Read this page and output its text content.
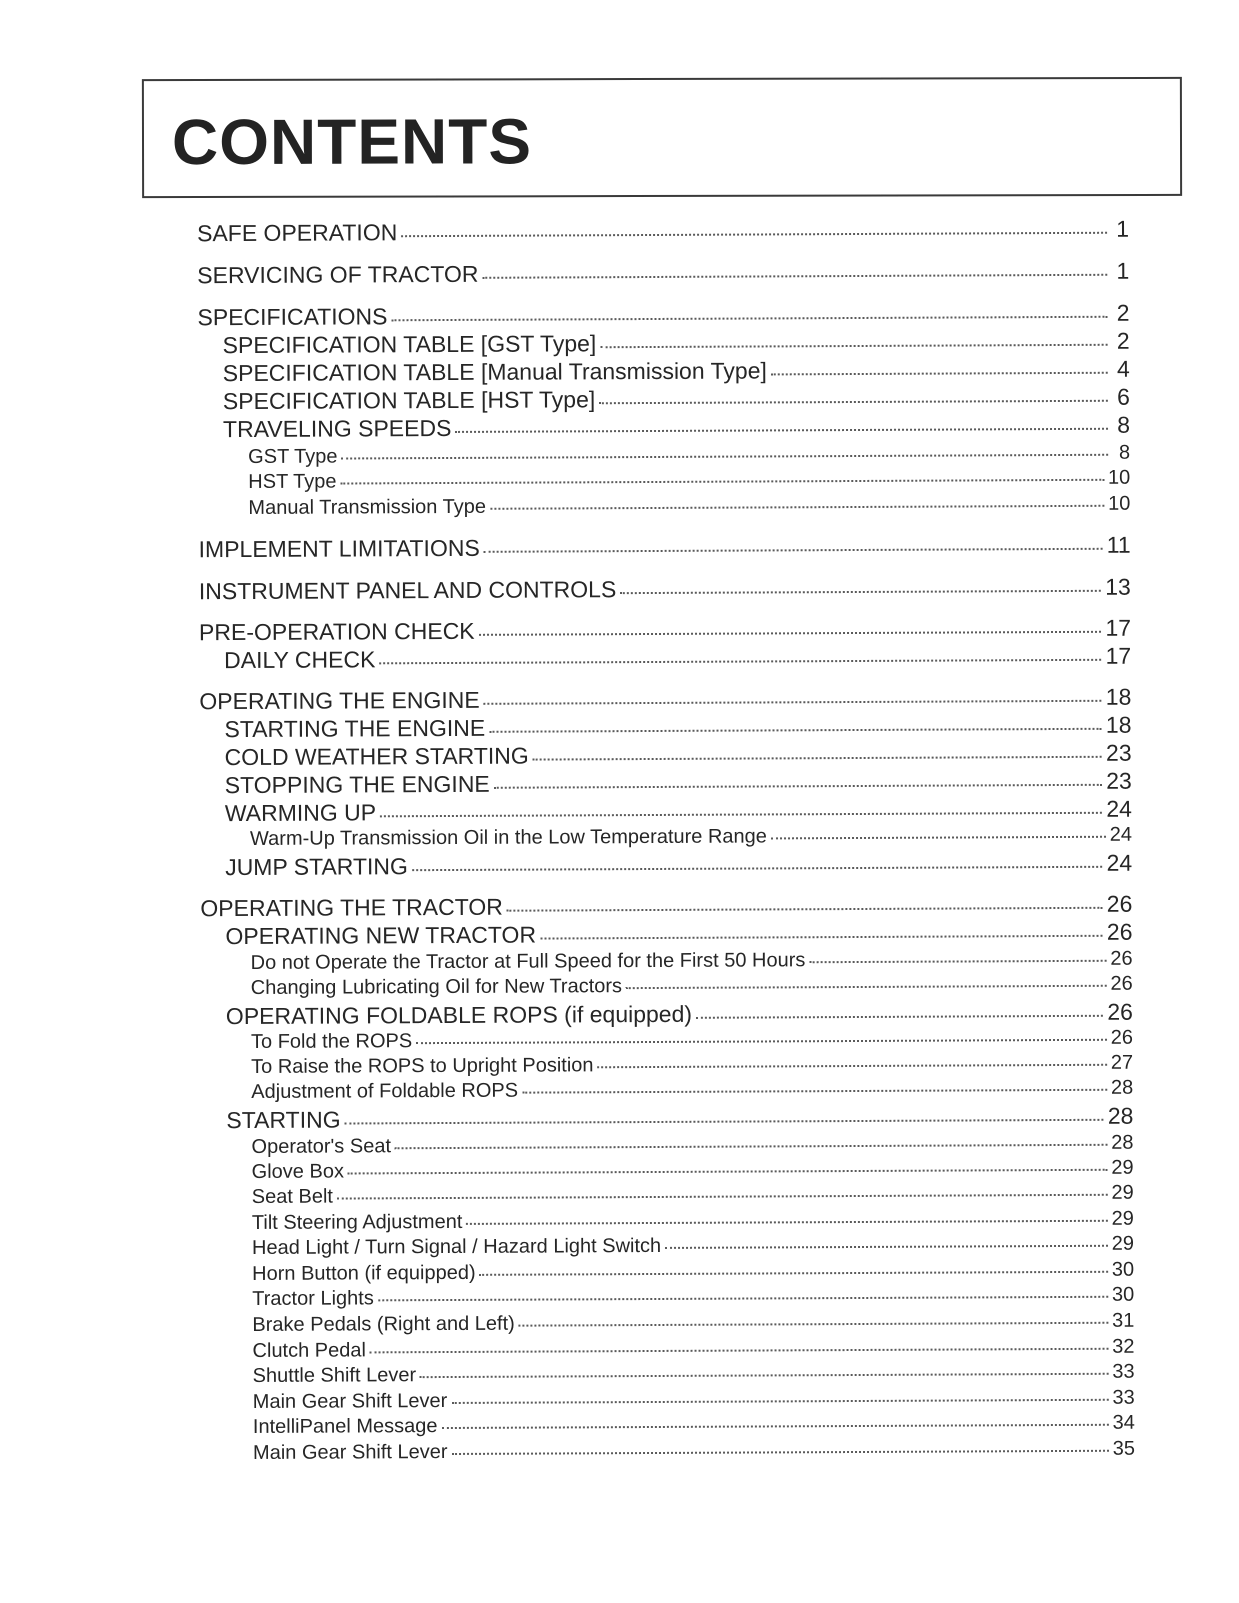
CONTENTS
SAFE OPERATION	1
SERVICING OF TRACTOR	1
SPECIFICATIONS	2
SPECIFICATION TABLE [GST Type]	2
SPECIFICATION TABLE [Manual Transmission Type]	4
SPECIFICATION TABLE [HST Type]	6
TRAVELING SPEEDS	8
GST Type	8
HST Type	10
Manual Transmission Type	10
IMPLEMENT LIMITATIONS	11
INSTRUMENT PANEL AND CONTROLS	13
PRE-OPERATION CHECK	17
DAILY CHECK	17
OPERATING THE ENGINE	18
STARTING THE ENGINE	18
COLD WEATHER STARTING	23
STOPPING THE ENGINE	23
WARMING UP	24
Warm-Up Transmission Oil in the Low Temperature Range	24
JUMP STARTING	24
OPERATING THE TRACTOR	26
OPERATING NEW TRACTOR	26
Do not Operate the Tractor at Full Speed for the First 50 Hours	26
Changing Lubricating Oil for New Tractors	26
OPERATING FOLDABLE ROPS (if equipped)	26
To Fold the ROPS	26
To Raise the ROPS to Upright Position	27
Adjustment of Foldable ROPS	28
STARTING	28
Operator's Seat	28
Glove Box	29
Seat Belt	29
Tilt Steering Adjustment	29
Head Light / Turn Signal / Hazard Light Switch	29
Horn Button (if equipped)	30
Tractor Lights	30
Brake Pedals (Right and Left)	31
Clutch Pedal	32
Shuttle Shift Lever	33
Main Gear Shift Lever	33
IntelliPanel Message	34
Main Gear Shift Lever	35
